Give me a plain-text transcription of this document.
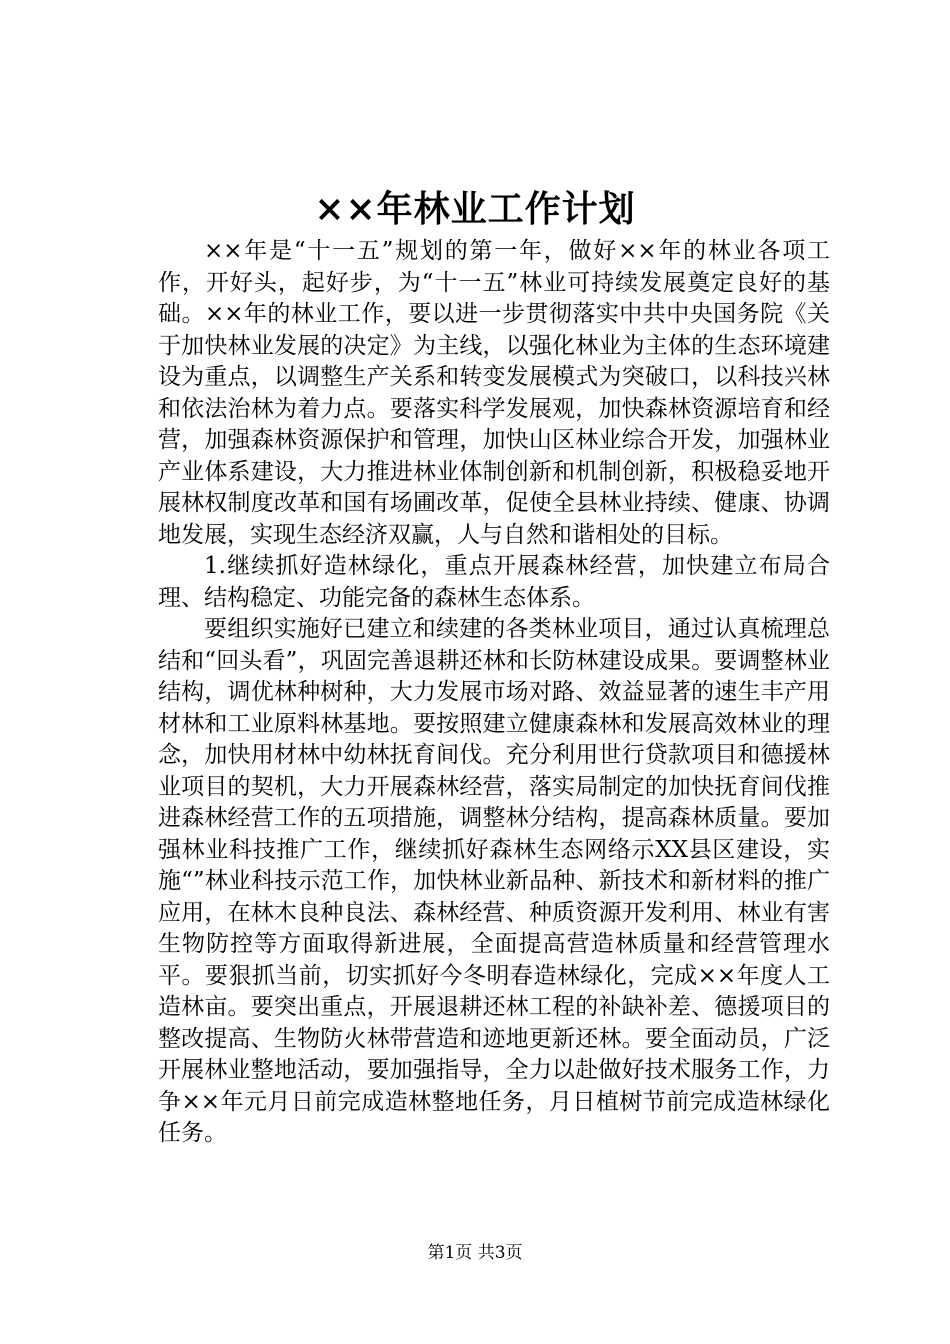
××年林业工作计划

××年是“十一五”规划的第一年，做好××年的林业各项工作，开好头，起好步，为“十一五”林业可持续发展奠定良好的基础。××年的林业工作，要以进一步贯彻落实中共中央国务院《关于加快林业发展的决定》为主线，以强化林业为主体的生态环境建设为重点，以调整生产关系和转变发展模式为突破口，以科技兴林和依法治林为着力点。要落实科学发展观，加快森林资源培育和经营，加强森林资源保护和管理，加快山区林业综合开发，加强林业产业体系建设，大力推进林业体制创新和机制创新，积极稳妥地开展林权制度改革和国有场圃改革，促使全县林业持续、健康、协调地发展，实现生态经济双赢，人与自然和谐相处的目标。

1.继续抓好造林绿化，重点开展森林经营，加快建立布局合理、结构稳定、功能完备的森林生态体系。

要组织实施好已建立和续建的各类林业项目，通过认真梳理总结和“回头看”，巩固完善退耕还林和长防林建设成果。要调整林业结构，调优林种树种，大力发展市场对路、效益显著的速生丰产用材林和工业原料林基地。要按照建立健康森林和发展高效林业的理念，加快用材林中幼林抚育间伐。充分利用世行贷款项目和德援林业项目的契机，大力开展森林经营，落实局制定的加快抚育间伐推进森林经营工作的五项措施，调整林分结构，提高森林质量。要加强林业科技推广工作，继续抓好森林生态网络示XX县区建设，实施“”林业科技示范工作，加快林业新品种、新技术和新材料的推广应用，在林木良种良法、森林经营、种质资源开发利用、林业有害生物防控等方面取得新进展，全面提高营造林质量和经营管理水平。要狠抓当前，切实抓好今冬明春造林绿化，完成××年度人工造林亩。要突出重点，开展退耕还林工程的补缺补差、德援项目的整改提高、生物防火林带营造和迹地更新还林。要全面动员，广泛开展林业整地活动，要加强指导，全力以赴做好技术服务工作，力争××年元月日前完成造林整地任务，月日植树节前完成造林绿化任务。

第1页 共3页
